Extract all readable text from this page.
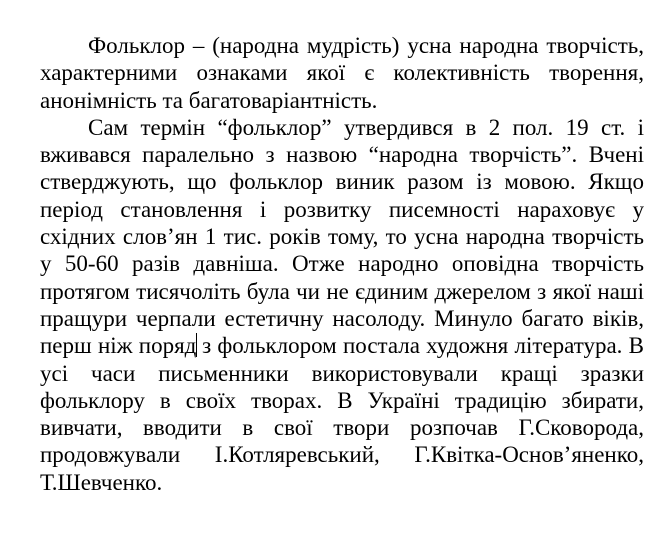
Фольклор – (народна мудрість) усна народна творчість, характерними ознаками якої є колективність творення, анонімність та багатоваріантність.

Сам термін “фольклор” утвердився в 2 пол. 19 ст. і вживався паралельно з назвою “народна творчість”. Вчені стверджують, що фольклор виник разом із мовою. Якщо період становлення і розвитку писемності нараховує у східних слов’ян 1 тис. років тому, то усна народна творчість у 50-60 разів давніша. Отже народно оповідна творчість протягом тисячоліть була чи не єдиним джерелом з якої наші пращури черпали естетичну насолоду. Минуло багато віків, перш ніж поряд з фольклором постала художня література. В усі часи письменники використовували кращі зразки фольклору в своїх творах. В Україні традицію збирати, вивчати, вводити в свої твори розпочав Г.Сковорода, продовжували І.Котляревський, Г.Квітка-Основ’яненко, Т.Шевченко.
